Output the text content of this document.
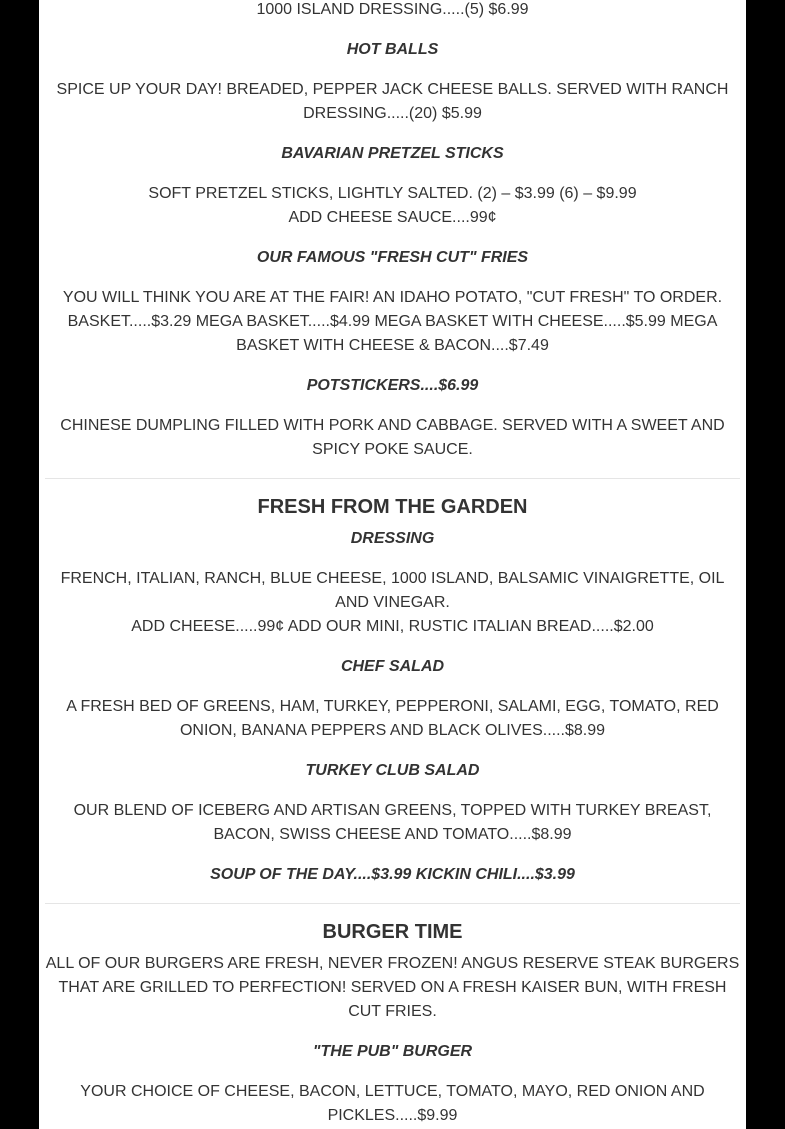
1000 ISLAND DRESSING.....(5) $6.99

HOT BALLS

SPICE UP YOUR DAY! BREADED, PEPPER JACK CHEESE BALLS. SERVED WITH RANCH DRESSING.....(20) $5.99

BAVARIAN PRETZEL STICKS

SOFT PRETZEL STICKS, LIGHTLY SALTED. (2) – $3.99 (6) – $9.99
ADD CHEESE SAUCE....99¢

OUR FAMOUS "FRESH CUT" FRIES

YOU WILL THINK YOU ARE AT THE FAIR! AN IDAHO POTATO, "CUT FRESH" TO ORDER. BASKET.....$3.29 MEGA BASKET.....$4.99 MEGA BASKET WITH CHEESE.....$5.99 MEGA BASKET WITH CHEESE & BACON....$7.49

POTSTICKERS....$6.99

CHINESE DUMPLING FILLED WITH PORK AND CABBAGE. SERVED WITH A SWEET AND SPICY POKE SAUCE.

FRESH FROM THE GARDEN

DRESSING

FRENCH, ITALIAN, RANCH, BLUE CHEESE, 1000 ISLAND, BALSAMIC VINAIGRETTE, OIL AND VINEGAR.
ADD CHEESE.....99¢ ADD OUR MINI, RUSTIC ITALIAN BREAD.....$2.00

CHEF SALAD

A FRESH BED OF GREENS, HAM, TURKEY, PEPPERONI, SALAMI, EGG, TOMATO, RED ONION, BANANA PEPPERS AND BLACK OLIVES.....$8.99

TURKEY CLUB SALAD

OUR BLEND OF ICEBERG AND ARTISAN GREENS, TOPPED WITH TURKEY BREAST, BACON, SWISS CHEESE AND TOMATO.....$8.99

SOUP OF THE DAY....$3.99 KICKIN CHILI....$3.99

BURGER TIME

ALL OF OUR BURGERS ARE FRESH, NEVER FROZEN! ANGUS RESERVE STEAK BURGERS THAT ARE GRILLED TO PERFECTION! SERVED ON A FRESH KAISER BUN, WITH FRESH CUT FRIES.

"THE PUB" BURGER

YOUR CHOICE OF CHEESE, BACON, LETTUCE, TOMATO, MAYO, RED ONION AND PICKLES.....$9.99
